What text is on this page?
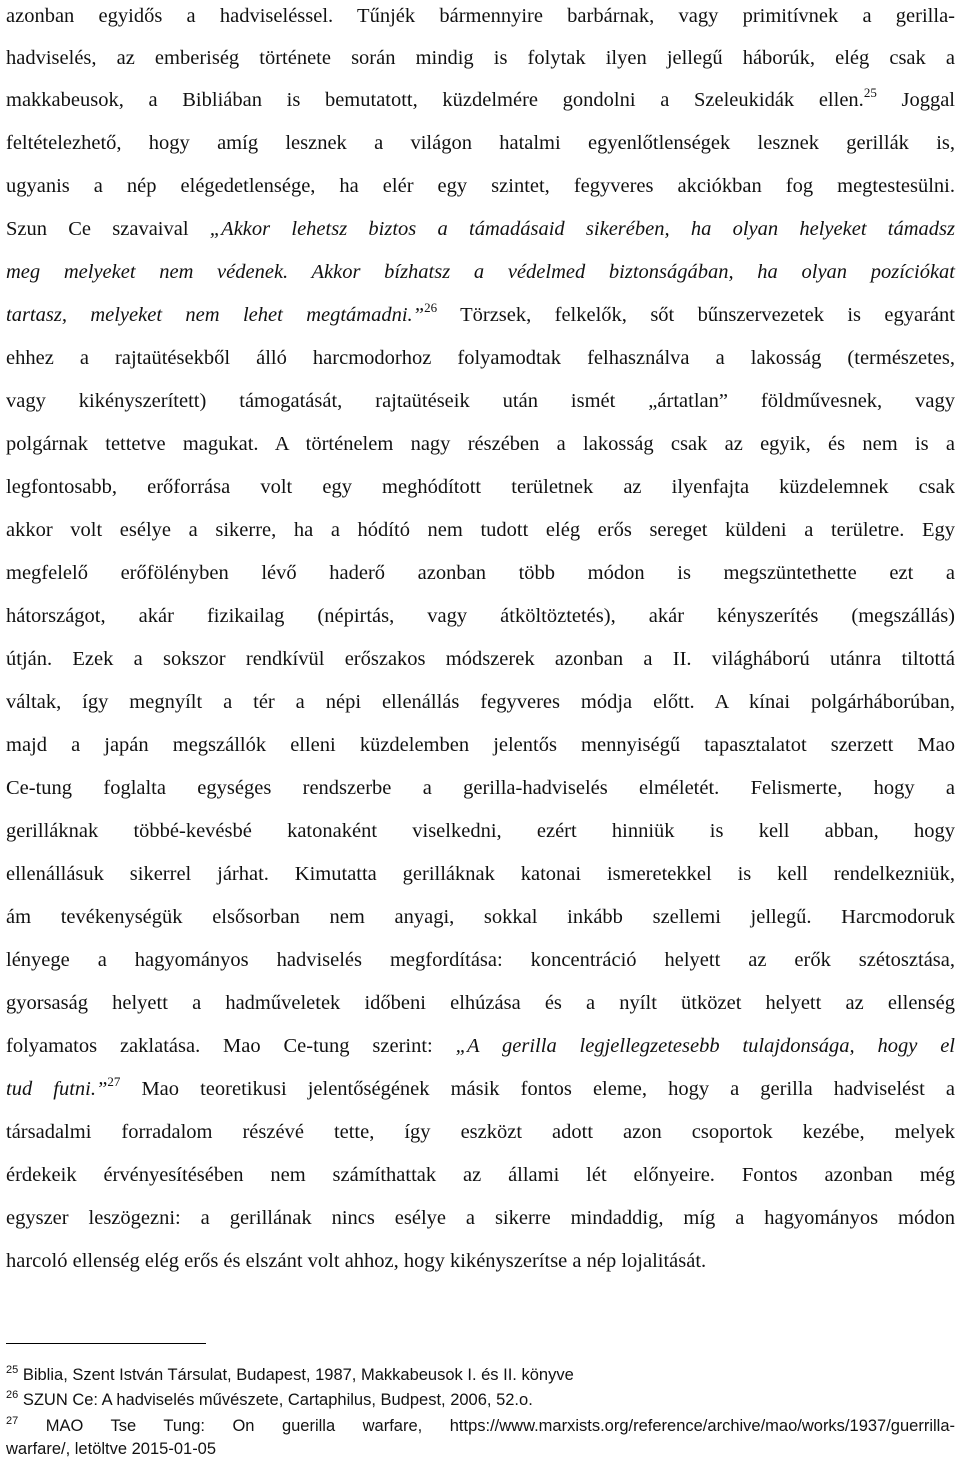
azonban egyidős a hadviseléssel. Tűnjék bármennyire barbárnak, vagy primitívnek a gerilla-
hadviselés, az emberiség története során mindig is folytak ilyen jellegű háborúk, elég csak a
makkabeusok, a Bibliában is bemutatott, küzdelmére gondolni a Szeleukidák ellen.$^{25}$ Joggal
feltételezhető, hogy amíg lesznek a világon hatalmi egyenlőtlenségek lesznek gerillák is,
ugyanis a nép elégedetlensége, ha elér egy szintet, fegyveres akciókban fog megtestesülni.
Szun Ce szavaival „Akkor lehetsz biztos a támadásaid sikerében, ha olyan helyeket támadsz
meg melyeket nem védenek. Akkor bízhatsz a védelmed biztonságában, ha olyan pozíciókat
tartasz, melyeket nem lehet megtámadni.”$^{26}$ Törzsek, felkelők, sőt bűnszervezetek is egyaránt
ehhez a rajtaütésekből álló harcmodorhoz folyamodtak felhasználva a lakosság (természetes,
vagy kikényszerített) támogatását, rajtaütéseik után ismét „ártatlan” földművesnek, vagy
polgárnak tettetve magukat. A történelem nagy részében a lakosság csak az egyik, és nem is a
legfontosabb, erőforrása volt egy meghódított területnek az ilyenfajta küzdelemnek csak
akkor volt esélye a sikerre, ha a hódító nem tudott elég erős sereget küldeni a területre. Egy
megfelelő erőfölényben lévő haderő azonban több módon is megszüntethette ezt a
hátországot, akár fizikailag (népirtás, vagy átköltöztetés), akár kényszerítés (megszállás)
útján. Ezek a sokszor rendkívül erőszakos módszerek azonban a II. világháború utánra tiltottá
váltak, így megnyílt a tér a népi ellenállás fegyveres módja előtt. A kínai polgárháborúban,
majd a japán megszállók elleni küzdelemben jelentős mennyiségű tapasztalatot szerzett Mao
Ce-tung foglalta egységes rendszerbe a gerilla-hadviselés elméletét. Felismerte, hogy a
gerilláknak többé-kevésbé katonaként viselkedni, ezért hinniük is kell abban, hogy
ellenállásuk sikerrel járhat. Kimutatta gerilláknak katonai ismeretekkel is kell rendelkezniük,
ám tevékenységük elsősorban nem anyagi, sokkal inkább szellemi jellegű. Harcmodoruk
lényege a hagyományos hadviselés megfordítása: koncentráció helyett az erők szétosztása,
gyorsaság helyett a hadműveletek időbeni elhúzása és a nyílt ütközet helyett az ellenség
folyamatos zaklatása. Mao Ce-tung szerint: „A gerilla legjellegzetesebb tulajdonsága, hogy el
tud futni.”$^{27}$ Mao teoretikusi jelentőségének másik fontos eleme, hogy a gerilla hadviselést a
társadalmi forradalom részévé tette, így eszközt adott azon csoportok kezébe, melyek
érdekeik érvényesítésében nem számíthattak az állami lét előnyeire. Fontos azonban még
egyszer leszögezni: a gerillának nincs esélye a sikerre mindaddig, míg a hagyományos módon
harcoló ellenség elég erős és elszánt volt ahhoz, hogy kikényszerítse a nép lojalitását.
$^{25}$ Biblia, Szent István Társulat, Budapest, 1987, Makkabeusok I. és II. könyve
$^{26}$ SZUN Ce: A hadviselés művészete, Cartaphilus, Budpest, 2006, 52.o.
$^{27}$ MAO Tse Tung: On guerilla warfare, https://www.marxists.org/reference/archive/mao/works/1937/guerrilla-
warfare/, letöltve 2015-01-05
